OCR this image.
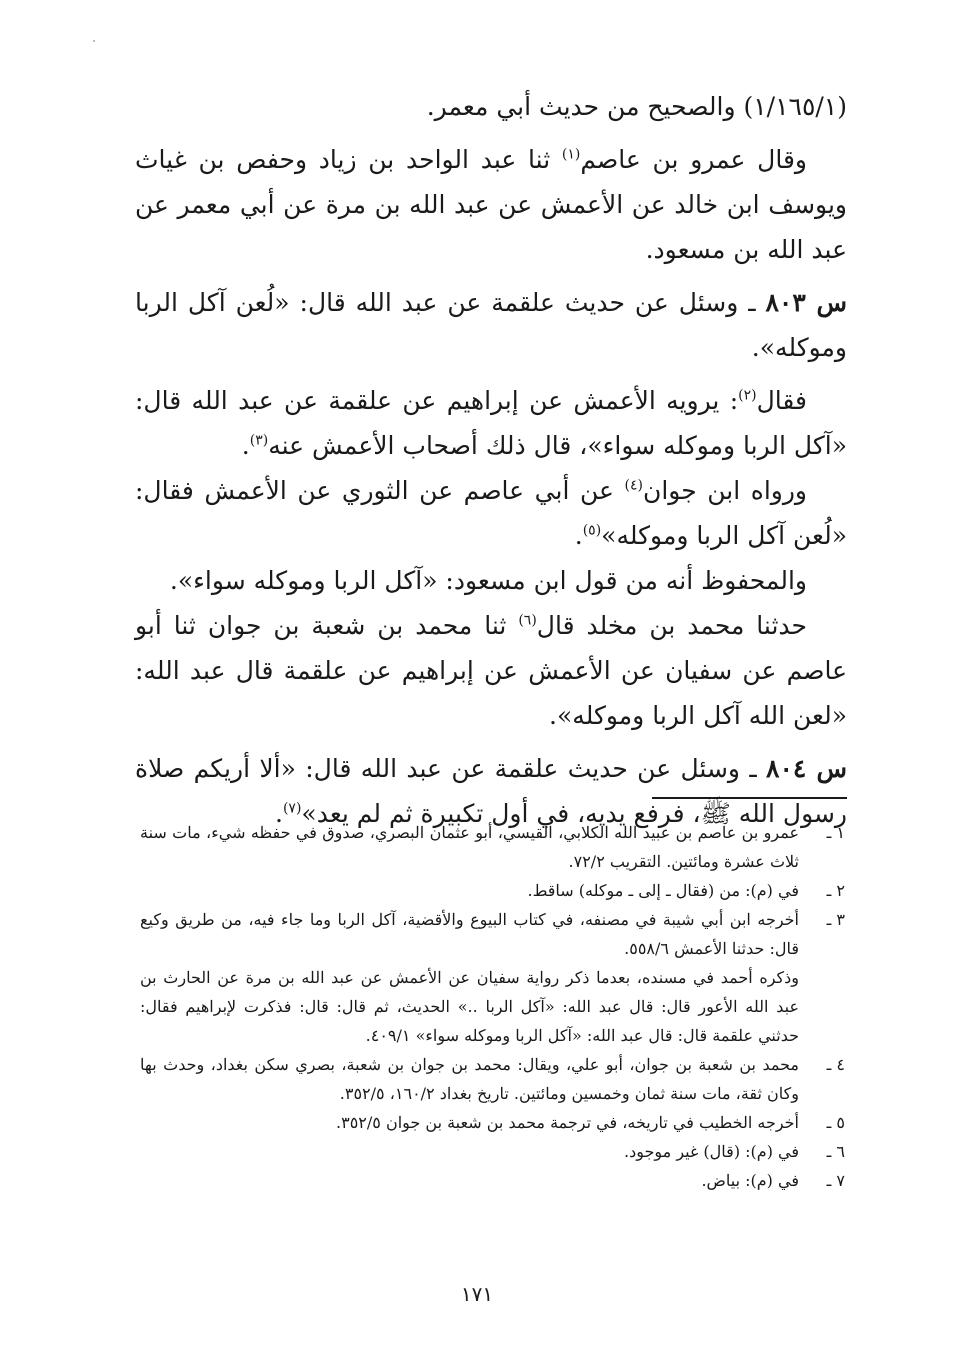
(١/١٦٥/١) والصحيح من حديث أبي معمر.

وقال عمرو بن عاصم$^{(١)}$ ثنا عبد الواحد بن زياد وحفص بن غياث ويوسف ابن خالد عن الأعمش عن عبد الله بن مرة عن أبي معمر عن عبد الله بن مسعود.

س ٨٠٣ ـ وسئل عن حديث علقمة عن عبد الله قال: «لُعن آكل الربا وموكله».

فقال$^{(٢)}$: يرويه الأعمش عن إبراهيم عن علقمة عن عبد الله قال: «آكل الربا وموكله سواء»، قال ذلك أصحاب الأعمش عنه$^{(٣)}$.

ورواه ابن جوان$^{(٤)}$ عن أبي عاصم عن الثوري عن الأعمش فقال: «لُعن آكل الربا وموكله»$^{(٥)}$.

والمحفوظ أنه من قول ابن مسعود: «آكل الربا وموكله سواء».

حدثنا محمد بن مخلد قال$^{(٦)}$ ثنا محمد بن شعبة بن جوان ثنا أبو عاصم عن سفيان عن الأعمش عن إبراهيم عن علقمة قال عبد الله: «لعن الله آكل الربا وموكله».

س ٨٠٤ ـ وسئل عن حديث علقمة عن عبد الله قال: «ألا أريكم صلاة رسول الله ﷺ، فرفع يديه، في أول تكبيرة ثم لم يعد»$^{(٧)}$.

١ ـ
عمرو بن عاصم بن عبيد الله الكلابي، القيسي، أبو عثمان البصري، صدوق في حفظه شيء، مات سنة ثلاث عشرة ومائتين. التقريب ٧٢/٢.
٢ ـ
في (م): من (فقال ـ إلى ـ موكله) ساقط.
٣ ـ
أخرجه ابن أبي شيبة في مصنفه، في كتاب البيوع والأقضية، آكل الربا وما جاء فيه، من طريق وكيع قال: حدثنا الأعمش ٥٥٨/٦.
وذكره أحمد في مسنده، بعدما ذكر رواية سفيان عن الأعمش عن عبد الله بن مرة عن الحارث بن عبد الله الأعور قال: قال عبد الله: «آكل الربا ..» الحديث، ثم قال: قال: فذكرت لإبراهيم فقال: حدثني علقمة قال: قال عبد الله: «آكل الربا وموكله سواء» ٤٠٩/١.
٤ ـ
محمد بن شعبة بن جوان، أبو علي، ويقال: محمد بن جوان بن شعبة، بصري سكن بغداد، وحدث بها وكان ثقة، مات سنة ثمان وخمسين ومائتين. تاريخ بغداد ١٦٠/٢، ٣٥٢/٥.
٥ ـ
أخرجه الخطيب في تاريخه، في ترجمة محمد بن شعبة بن جوان ٣٥٢/٥.
٦ ـ
في (م): (قال) غير موجود.
٧ ـ
في (م): بياض.
١٧١
